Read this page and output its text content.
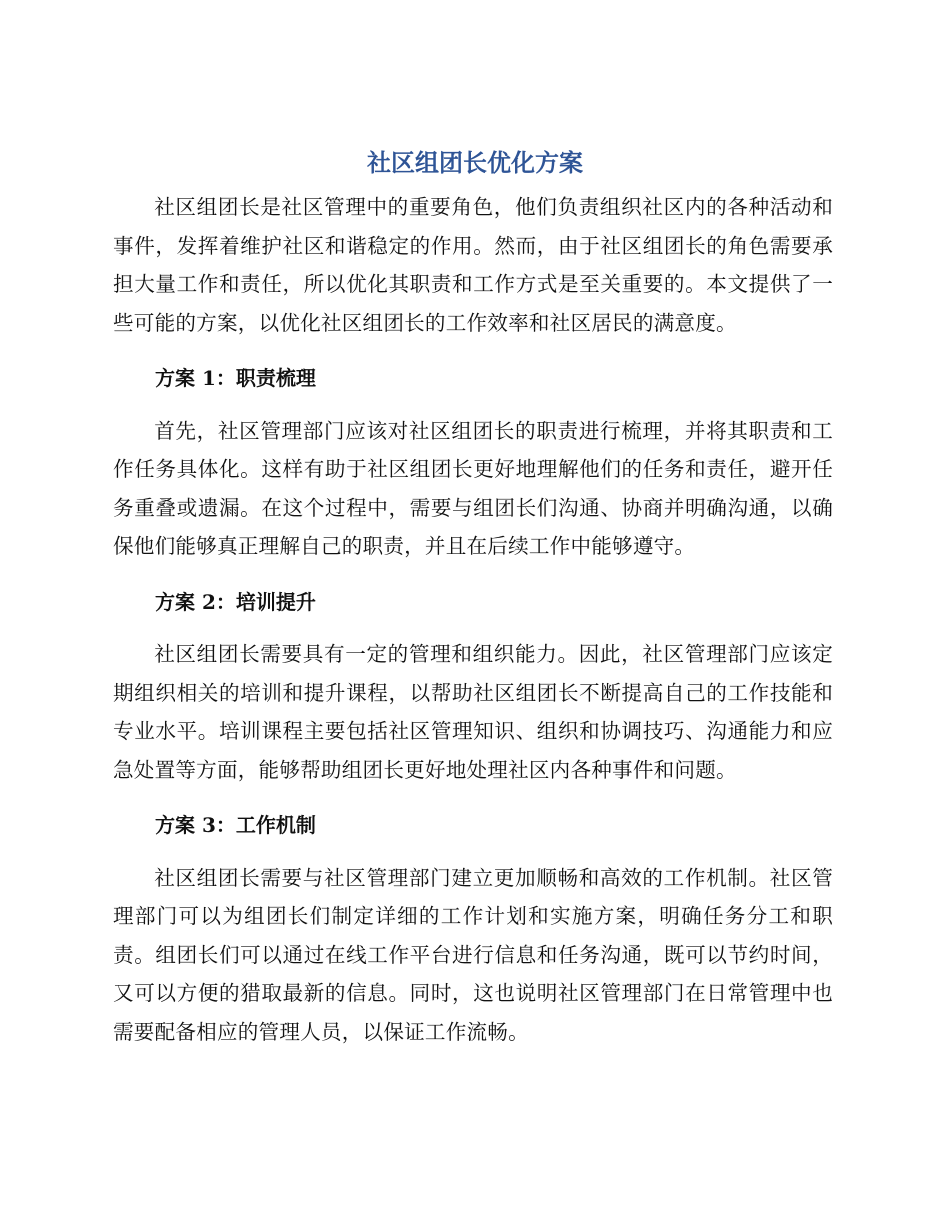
社区组团长优化方案

社区组团长是社区管理中的重要角色，他们负责组织社区内的各种活动和事件，发挥着维护社区和谐稳定的作用。然而，由于社区组团长的角色需要承担大量工作和责任，所以优化其职责和工作方式是至关重要的。本文提供了一些可能的方案，以优化社区组团长的工作效率和社区居民的满意度。

方案 1：职责梳理

首先，社区管理部门应该对社区组团长的职责进行梳理，并将其职责和工作任务具体化。这样有助于社区组团长更好地理解他们的任务和责任，避开任务重叠或遗漏。在这个过程中，需要与组团长们沟通、协商并明确沟通，以确保他们能够真正理解自己的职责，并且在后续工作中能够遵守。

方案 2：培训提升

社区组团长需要具有一定的管理和组织能力。因此，社区管理部门应该定期组织相关的培训和提升课程，以帮助社区组团长不断提高自己的工作技能和专业水平。培训课程主要包括社区管理知识、组织和协调技巧、沟通能力和应急处置等方面，能够帮助组团长更好地处理社区内各种事件和问题。

方案 3：工作机制

社区组团长需要与社区管理部门建立更加顺畅和高效的工作机制。社区管理部门可以为组团长们制定详细的工作计划和实施方案，明确任务分工和职责。组团长们可以通过在线工作平台进行信息和任务沟通，既可以节约时间，又可以方便的猎取最新的信息。同时，这也说明社区管理部门在日常管理中也需要配备相应的管理人员，以保证工作流畅。
